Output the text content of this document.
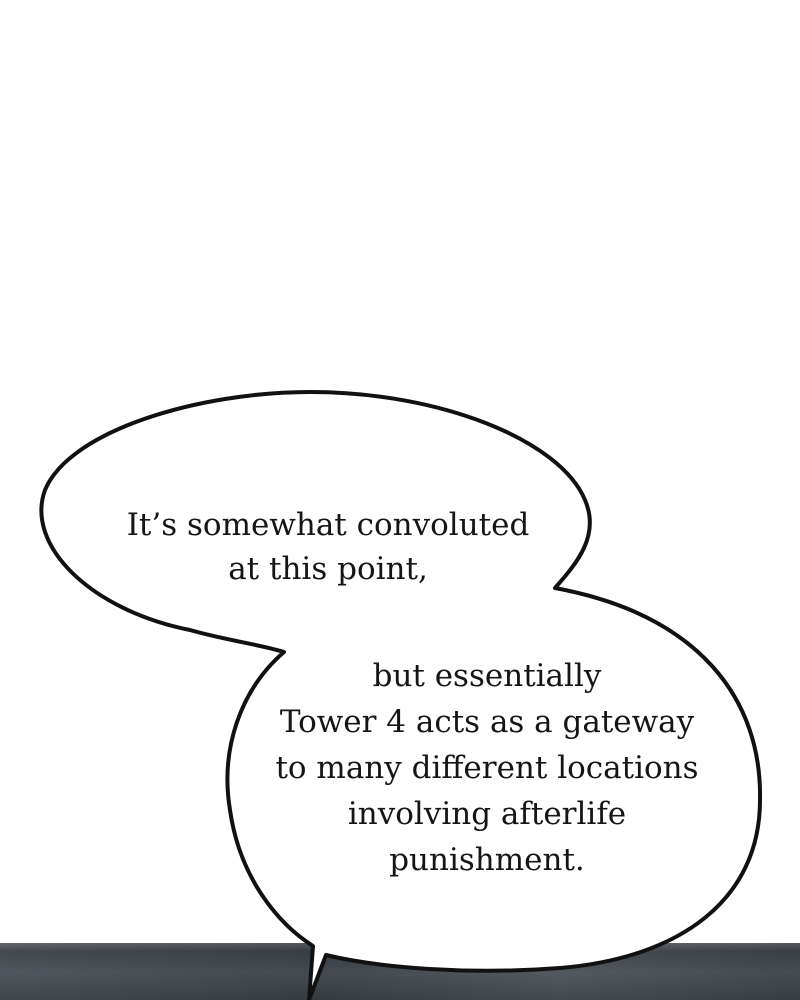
It’s somewhat convoluted
at this point,
but essentially
Tower 4 acts as a gateway
to many different locations
involving afterlife
punishment.
